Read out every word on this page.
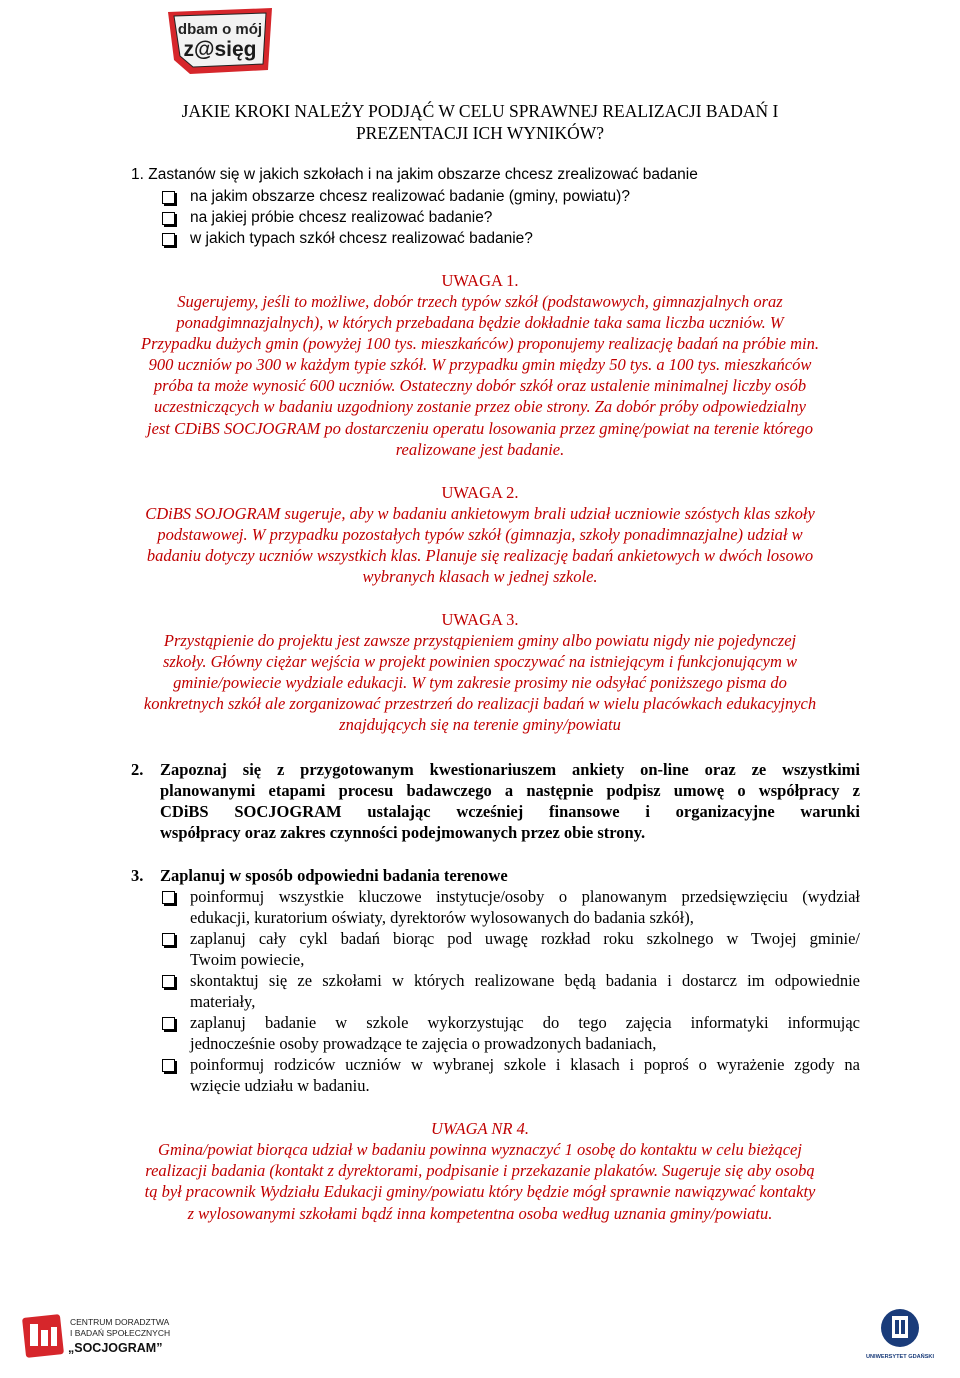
dbam o mój
z@sięg
JAKIE KROKI NALEŻY PODJĄĆ W CELU SPRAWNEJ REALIZACJI BADAŃ I
PREZENTACJI ICH WYNIKÓW?
1. Zastanów się w jakich szkołach i na jakim obszarze chcesz zrealizować badanie
na jakim obszarze chcesz realizować badanie (gminy, powiatu)?
na jakiej próbie chcesz realizować badanie?
w jakich typach szkół chcesz realizować badanie?
UWAGA 1.
Sugerujemy, jeśli to możliwe, dobór trzech typów szkół (podstawowych, gimnazjalnych oraz
ponadgimnazjalnych), w których przebadana będzie dokładnie taka sama liczba uczniów. W
Przypadku dużych gmin (powyżej 100 tys. mieszkańców) proponujemy realizację badań na próbie min.
900 uczniów po 300 w każdym typie szkół. W przypadku gmin między 50 tys. a 100 tys. mieszkańców
próba ta może wynosić 600 uczniów. Ostateczny dobór szkół oraz ustalenie minimalnej liczby osób
uczestniczących w badaniu uzgodniony zostanie przez obie strony. Za dobór próby odpowiedzialny
jest CDiBS SOCJOGRAM po dostarczeniu operatu losowania przez gminę/powiat na terenie którego
realizowane jest badanie.
UWAGA 2.
CDiBS SOJOGRAM sugeruje, aby w badaniu ankietowym brali udział uczniowie szóstych klas szkoły
podstawowej. W przypadku pozostałych typów szkół (gimnazja, szkoły ponadimnazjalne) udział w
badaniu dotyczy uczniów wszystkich klas. Planuje się realizację badań ankietowych w dwóch losowo
wybranych klasach w jednej szkole.
UWAGA 3.
Przystąpienie do projektu jest zawsze przystąpieniem gminy albo powiatu nigdy nie pojedynczej
szkoły. Główny ciężar wejścia w projekt powinien spoczywać na istniejącym i funkcjonującym w
gminie/powiecie wydziale edukacji. W tym zakresie prosimy nie odsyłać poniższego pisma do
konkretnych szkół ale zorganizować przestrzeń do realizacji badań w wielu placówkach edukacyjnych
znajdujących się na terenie gminy/powiatu
2. Zapoznaj się z przygotowanym kwestionariuszem ankiety on-line oraz ze wszystkimi
planowanymi etapami procesu badawczego a następnie podpisz umowę o współpracy z
CDiBS SOCJOGRAM ustalając wcześniej finansowe i organizacyjne warunki
współpracy oraz zakres czynności podejmowanych przez obie strony.
3. Zaplanuj w sposób odpowiedni badania terenowe
poinformuj wszystkie kluczowe instytucje/osoby o planowanym przedsięwzięciu (wydział
edukacji, kuratorium oświaty, dyrektorów wylosowanych do badania szkół),
zaplanuj cały cykl badań biorąc pod uwagę rozkład roku szkolnego w Twojej gminie/
Twoim powiecie,
skontaktuj się ze szkołami w których realizowane będą badania i dostarcz im odpowiednie
materiały,
zaplanuj badanie w szkole wykorzystując do tego zajęcia informatyki informując
jednocześnie osoby prowadzące te zajęcia o prowadzonych badaniach,
poinformuj rodziców uczniów w wybranej szkole i klasach i poproś o wyrażenie zgody na
wzięcie udziału w badaniu.
UWAGA NR 4.
Gmina/powiat biorąca udział w badaniu powinna wyznaczyć 1 osobę do kontaktu w celu bieżącej
realizacji badania (kontakt z dyrektorami, podpisanie i przekazanie plakatów. Sugeruje się aby osobą
tą był pracownik Wydziału Edukacji gminy/powiatu który będzie mógł sprawnie nawiązywać kontakty
z wylosowanymi szkołami bądź inna kompetentna osoba według uznania gminy/powiatu.
CENTRUM DORADZTWA
I BADAŃ SPOŁECZNYCH
„SOCJOGRAM”
UNIWERSYTET GDAŃSKI
